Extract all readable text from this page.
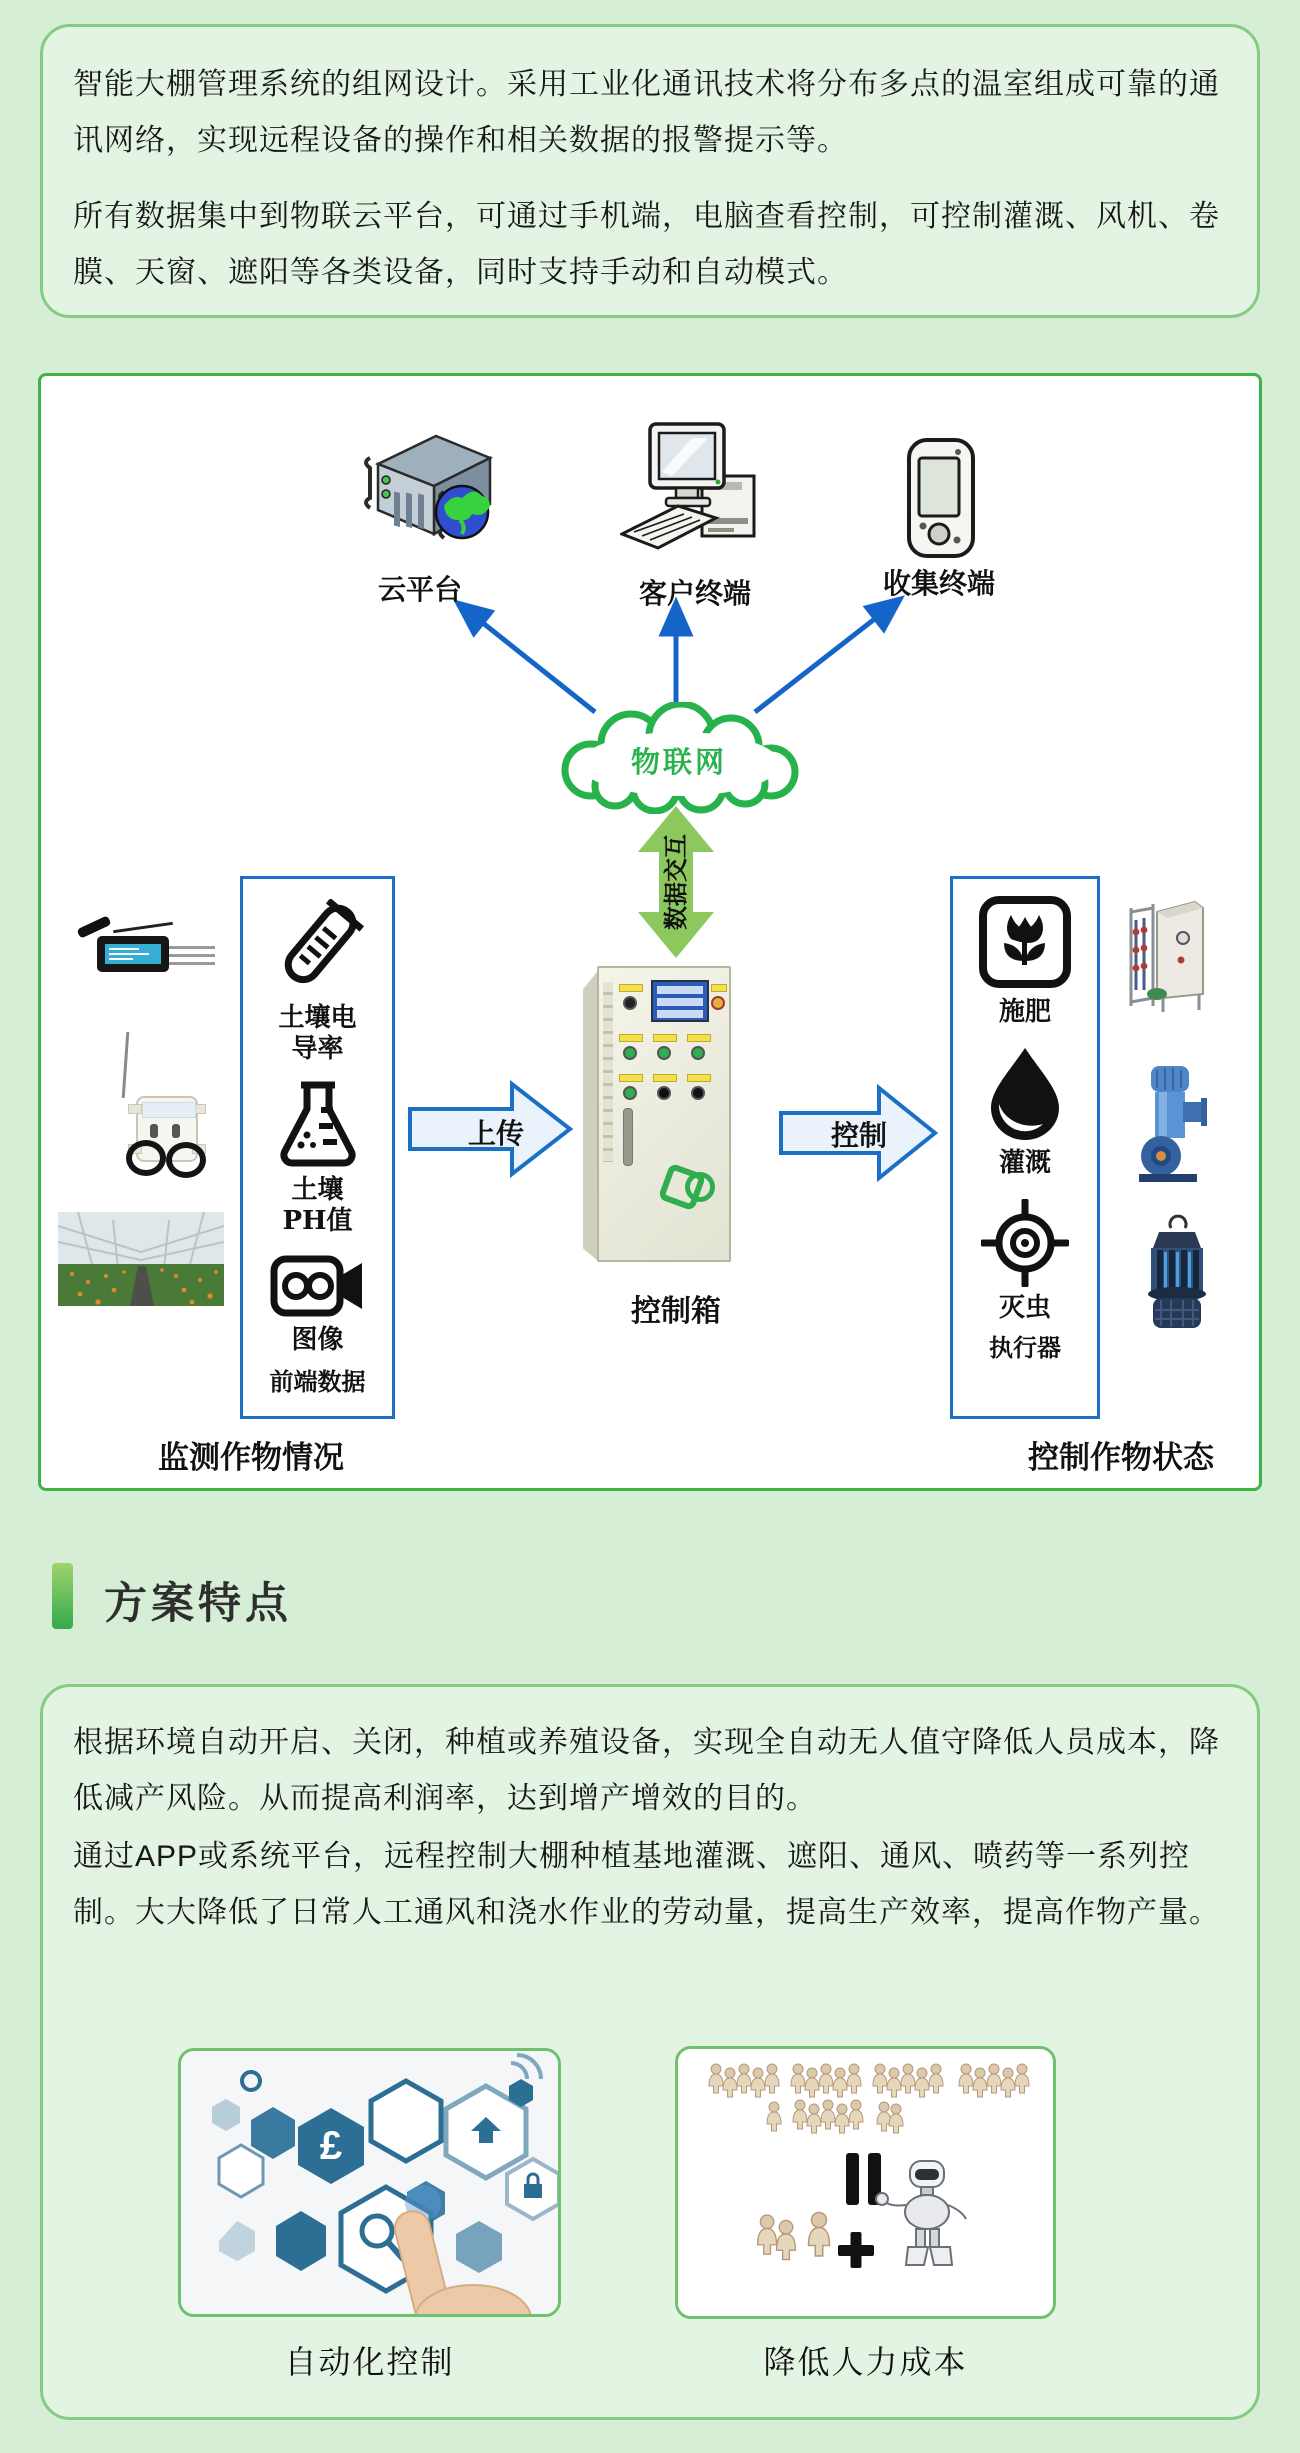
智能大棚管理系统的组网设计。采用工业化通讯技术将分布多点的温室组成可靠的通讯网络，实现远程设备的操作和相关数据的报警提示等。

所有数据集中到物联云平台，可通过手机端，电脑查看控制，可控制灌溉、风机、卷膜、天窗、遮阳等各类设备，同时支持手动和自动模式。

云平台	客户终端	收集终端
物联网
数据交互
上传	控制
控制箱
土壤电
导率
土壤
PH值
图像
前端数据
施肥
灌溉
灭虫
执行器
监测作物情况	控制作物状态
方案特点

根据环境自动开启、关闭，种植或养殖设备，实现全自动无人值守降低人员成本，降低减产风险。从而提高利润率，达到增产增效的目的。

通过APP或系统平台，远程控制大棚种植基地灌溉、遮阳、通风、喷药等一系列控制。大大降低了日常人工通风和浇水作业的劳动量，提高生产效率，提高作物产量。

£
自动化控制	降低人力成本
